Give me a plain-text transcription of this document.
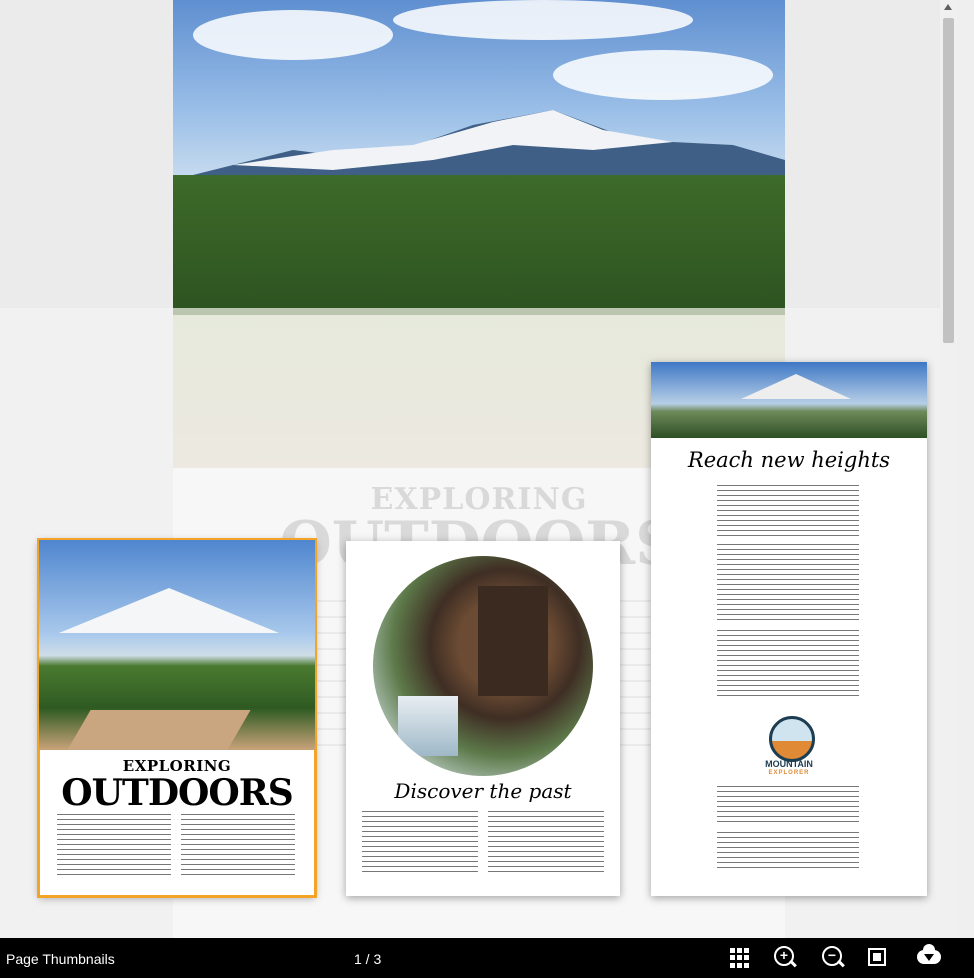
EXPLORING
OUTDOORS	Discover the past
Reach new heights
MOUNTAIN
EXPLORER
Page Thumbnails	1 / 3	+	−
